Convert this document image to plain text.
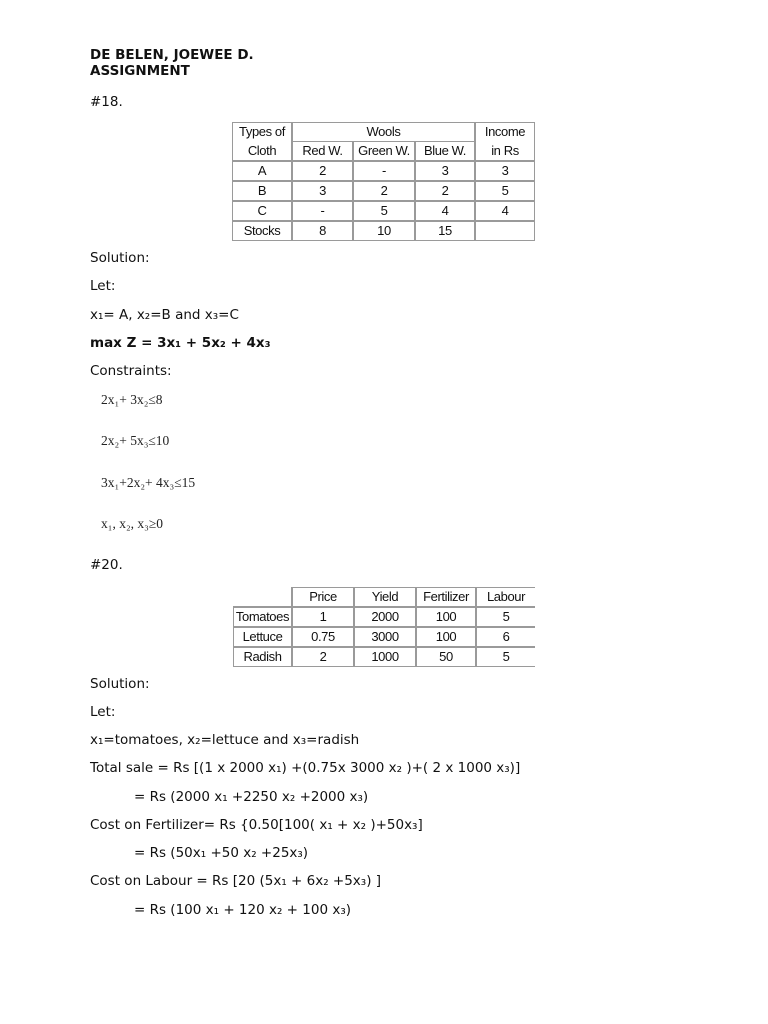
DE BELEN, JOEWEE D.
ASSIGNMENT
#18.
Types of	Wools			Income
Cloth	Red W.	Green W.	Blue W.	in Rs
A	2	-	3	3
B	3	2	2	5
C	-	5	4	4
Stocks	8	10	15	
Solution:
Let:
x₁= A, x₂=B and x₃=C
max Z = 3x₁ + 5x₂ + 4x₃
Constraints:
2x₁+ 3x₂≤8
2x₂+ 5x₃≤10
3x₁+2x₂+ 4x₃≤15
x₁, x₂, x₃≥0
#20.
	Price	Yield	Fertilizer	Labour
Tomatoes	1	2000	100	5
Lettuce	0.75	3000	100	6
Radish	2	1000	50	5
Solution:
Let:
x₁=tomatoes, x₂=lettuce and x₃=radish
Total sale = Rs [(1 x 2000 x₁) +(0.75x 3000 x₂ )+( 2 x 1000 x₃)]
= Rs (2000 x₁ +2250 x₂ +2000 x₃)
Cost on Fertilizer= Rs {0.50[100( x₁ + x₂ )+50x₃]
= Rs (50x₁ +50 x₂ +25x₃)
Cost on Labour = Rs [20 (5x₁ + 6x₂ +5x₃) ]
= Rs (100 x₁ + 120 x₂ + 100 x₃)
